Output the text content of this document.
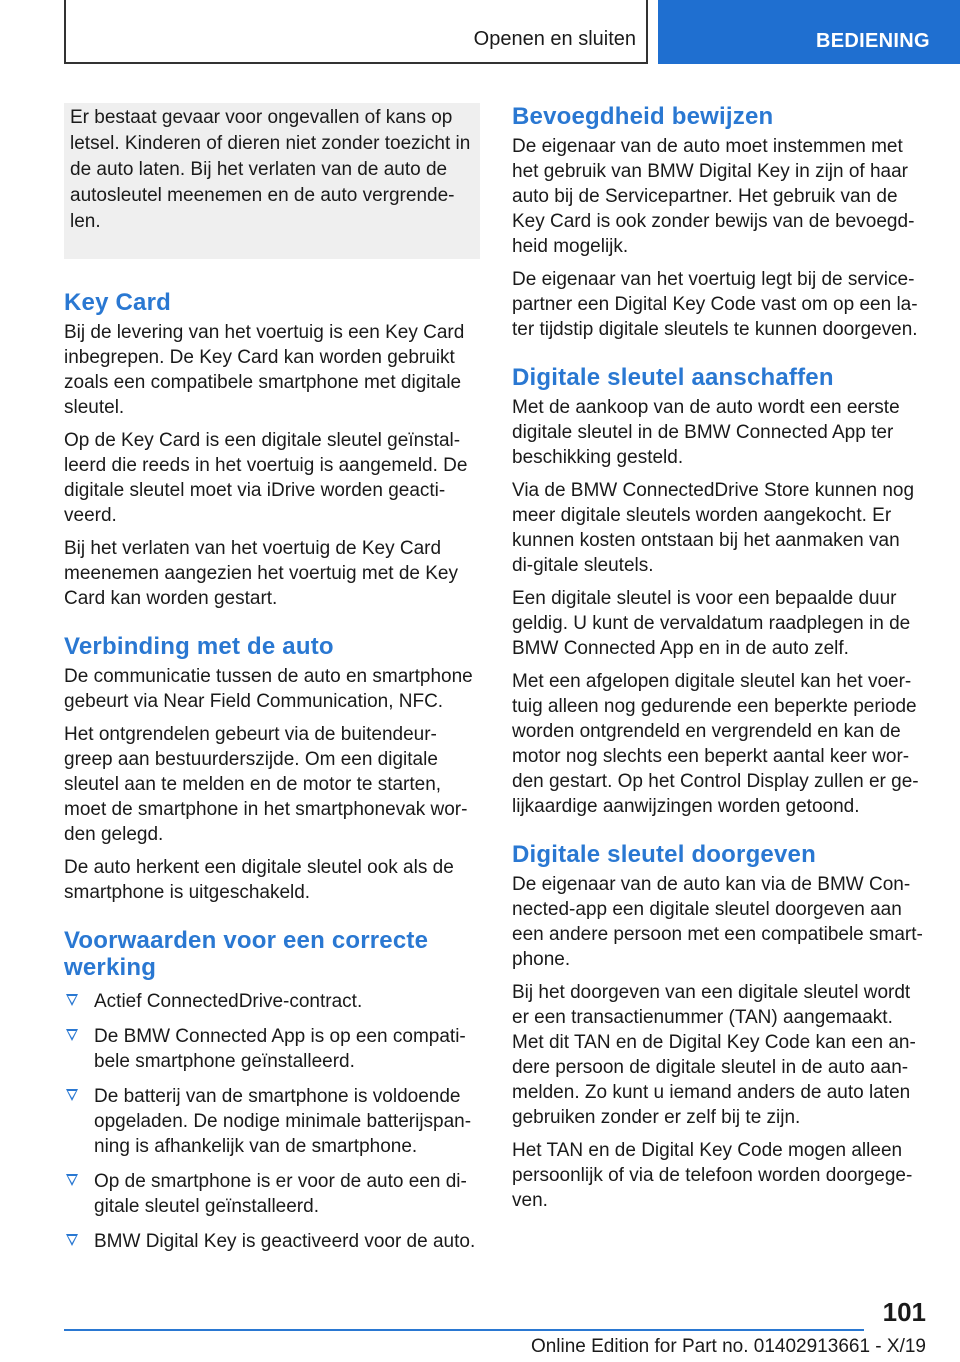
Openen en sluiten	BEDIENING
Er bestaat gevaar voor ongevallen of kans op letsel. Kinderen of dieren niet zonder toezicht in de auto laten. Bij het verlaten van de auto de autosleutel meenemen en de auto vergrende-len.
Key Card

Bij de levering van het voertuig is een Key Card inbegrepen. De Key Card kan worden gebruikt zoals een compatibele smartphone met digitale sleutel.

Op de Key Card is een digitale sleutel geïnstal-leerd die reeds in het voertuig is aangemeld. De digitale sleutel moet via iDrive worden geacti-veerd.

Bij het verlaten van het voertuig de Key Card meenemen aangezien het voertuig met de Key Card kan worden gestart.

Verbinding met de auto

De communicatie tussen de auto en smartphone gebeurt via Near Field Communication, NFC.

Het ontgrendelen gebeurt via de buitendeur-greep aan bestuurderszijde. Om een digitale sleutel aan te melden en de motor te starten, moet de smartphone in het smartphonevak wor-den gelegd.

De auto herkent een digitale sleutel ook als de smartphone is uitgeschakeld.

Voorwaarden voor een correcte werking
Actief ConnectedDrive-contract.
De BMW Connected App is op een compati-bele smartphone geïnstalleerd.
De batterij van de smartphone is voldoende opgeladen. De nodige minimale batterijspan-ning is afhankelijk van de smartphone.
Op de smartphone is er voor de auto een di-gitale sleutel geïnstalleerd.
BMW Digital Key is geactiveerd voor de auto.
Bevoegdheid bewijzen

De eigenaar van de auto moet instemmen met het gebruik van BMW Digital Key in zijn of haar auto bij de Servicepartner. Het gebruik van de Key Card is ook zonder bewijs van de bevoegd-heid mogelijk.

De eigenaar van het voertuig legt bij de service-partner een Digital Key Code vast om op een la-ter tijdstip digitale sleutels te kunnen doorgeven.

Digitale sleutel aanschaffen

Met de aankoop van de auto wordt een eerste digitale sleutel in de BMW Connected App ter beschikking gesteld.

Via de BMW ConnectedDrive Store kunnen nog meer digitale sleutels worden aangekocht. Er kunnen kosten ontstaan bij het aanmaken van di-gitale sleutels.

Een digitale sleutel is voor een bepaalde duur geldig. U kunt de vervaldatum raadplegen in de BMW Connected App en in de auto zelf.

Met een afgelopen digitale sleutel kan het voer-tuig alleen nog gedurende een beperkte periode worden ontgrendeld en vergrendeld en kan de motor nog slechts een beperkt aantal keer wor-den gestart. Op het Control Display zullen er ge-lijkaardige aanwijzingen worden getoond.

Digitale sleutel doorgeven

De eigenaar van de auto kan via de BMW Con-nected-app een digitale sleutel doorgeven aan een andere persoon met een compatibele smart-phone.

Bij het doorgeven van een digitale sleutel wordt er een transactienummer (TAN) aangemaakt. Met dit TAN en de Digital Key Code kan een an-dere persoon de digitale sleutel in de auto aan-melden. Zo kunt u iemand anders de auto laten gebruiken zonder er zelf bij te zijn.

Het TAN en de Digital Key Code mogen alleen persoonlijk of via de telefoon worden doorgege-ven.

101
Online Edition for Part no. 01402913661 - X/19
